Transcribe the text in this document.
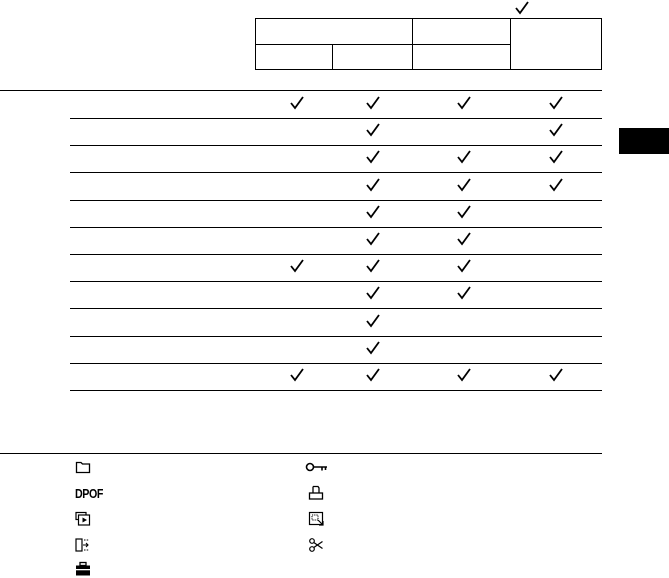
DPOF
